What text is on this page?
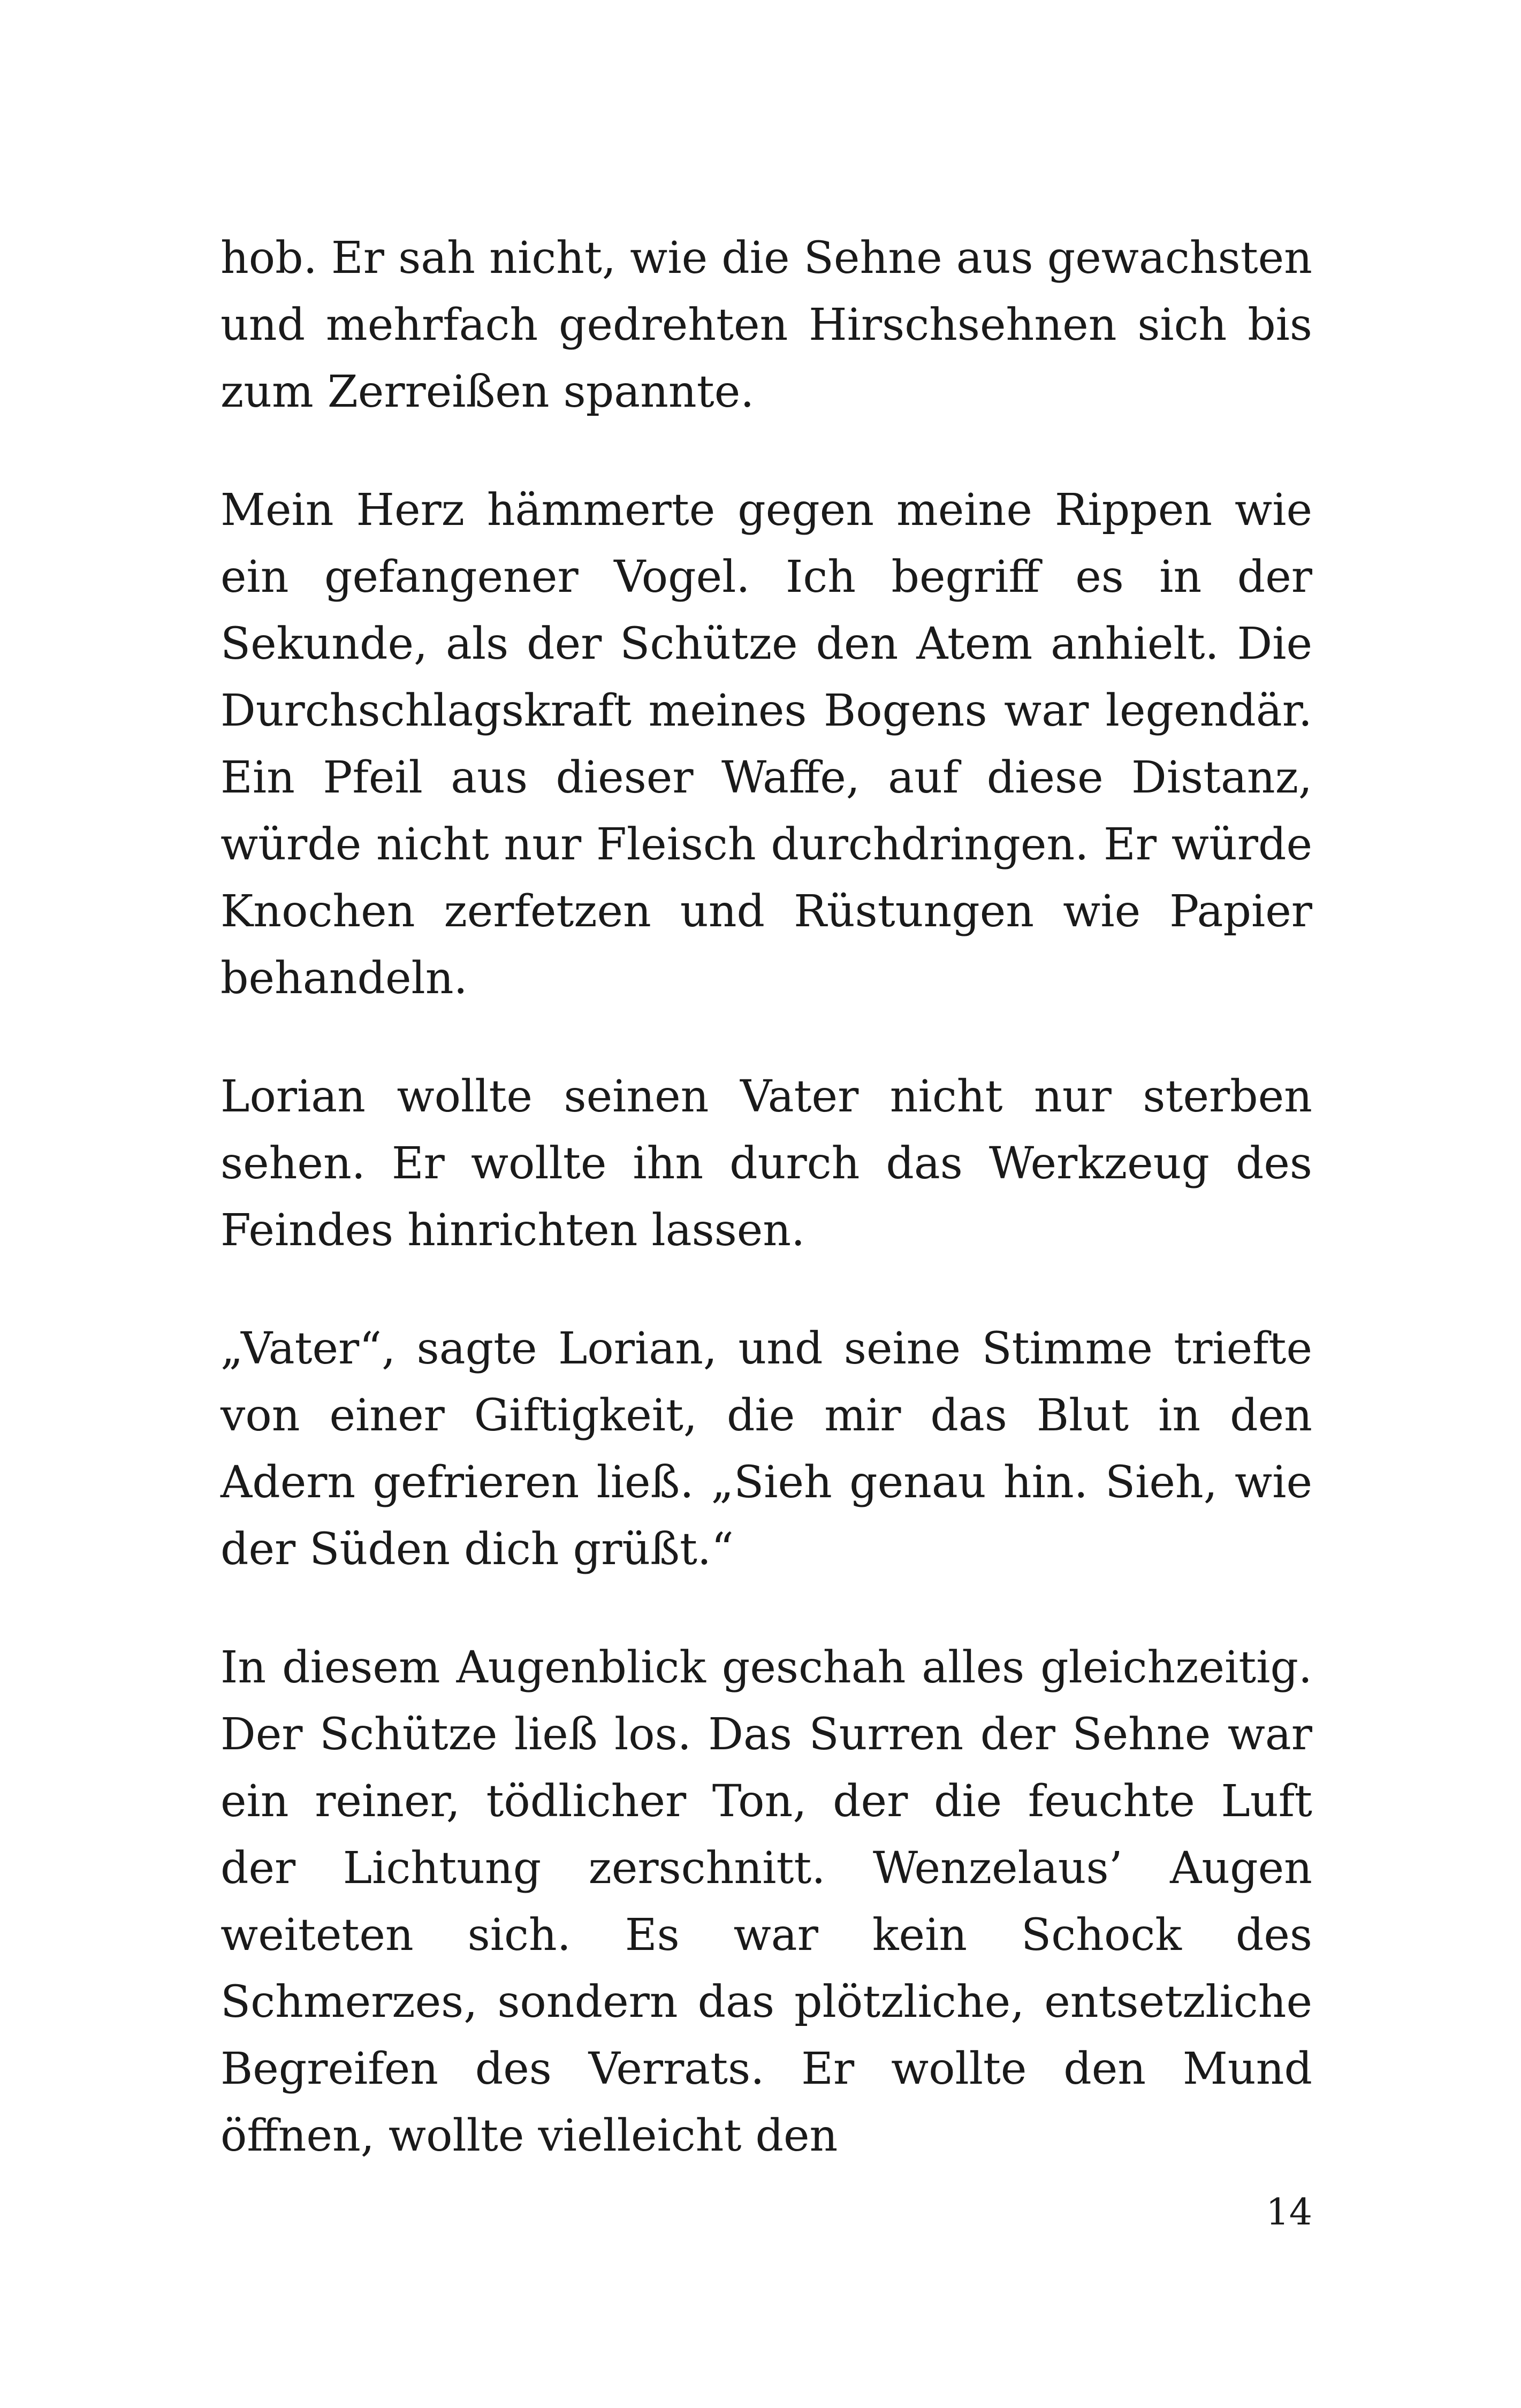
hob. Er sah nicht, wie die Sehne aus gewachsten und mehrfach gedrehten Hirschsehnen sich bis zum Zerreißen spannte.

Mein Herz hämmerte gegen meine Rippen wie ein gefangener Vogel. Ich begriff es in der Sekunde, als der Schütze den Atem anhielt. Die Durchschlagskraft meines Bogens war legendär. Ein Pfeil aus dieser Waffe, auf diese Distanz, würde nicht nur Fleisch durchdringen. Er würde Knochen zerfetzen und Rüstungen wie Papier behandeln.

Lorian wollte seinen Vater nicht nur sterben sehen. Er wollte ihn durch das Werkzeug des Feindes hinrichten lassen.

„Vater“, sagte Lorian, und seine Stimme triefte von einer Giftigkeit, die mir das Blut in den Adern gefrieren ließ. „Sieh genau hin. Sieh, wie der Süden dich grüßt.“

In diesem Augenblick geschah alles gleichzeitig. Der Schütze ließ los. Das Surren der Sehne war ein reiner, tödlicher Ton, der die feuchte Luft der Lichtung zerschnitt. Wenzelaus’ Augen weiteten sich. Es war kein Schock des Schmerzes, sondern das plötzliche, entsetzliche Begreifen des Verrats. Er wollte den Mund öffnen, wollte vielleicht den

14
